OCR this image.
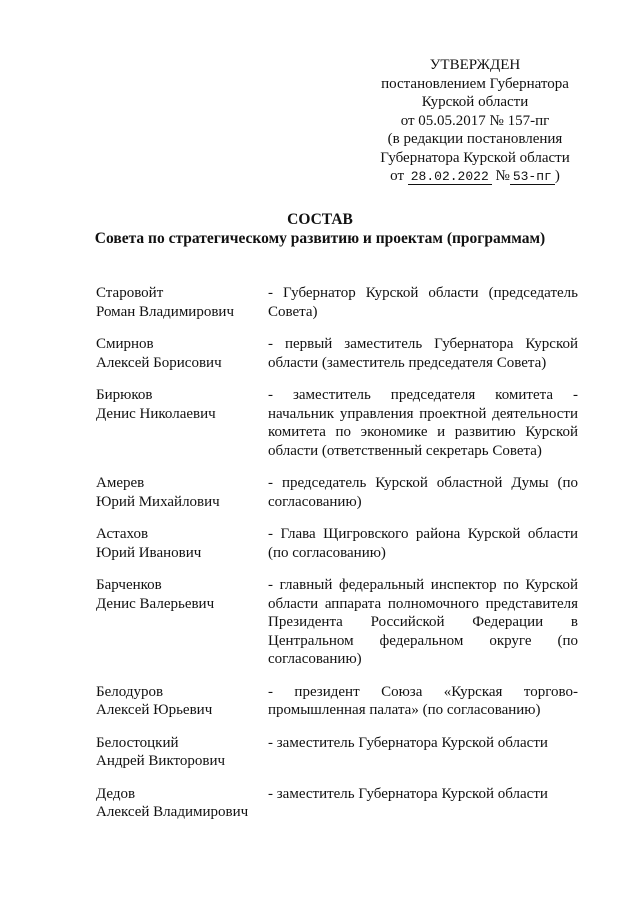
УТВЕРЖДЕН
постановлением Губернатора
Курской области
от 05.05.2017 № 157-пг
(в редакции постановления
Губернатора Курской области
от 28.02.2022 № 53-пг )
СОСТАВ
Совета по стратегическому развитию и проектам (программам)
Старовойт
Роман Владимирович
- Губернатор Курской области (председатель Совета)
Смирнов
Алексей Борисович
- первый заместитель Губернатора Курской области (заместитель председателя Совета)
Бирюков
Денис Николаевич
- заместитель председателя комитета - начальник управления проектной деятельности комитета по экономике и развитию Курской области (ответственный секретарь Совета)
Амерев
Юрий Михайлович
- председатель Курской областной Думы (по согласованию)
Астахов
Юрий Иванович
- Глава Щигровского района Курской области (по согласованию)
Барченков
Денис Валерьевич
- главный федеральный инспектор по Курской области аппарата полномочного представителя Президента Российской Федерации в Центральном федеральном округе (по согласованию)
Белодуров
Алексей Юрьевич
- президент Союза «Курская торгово-промышленная палата» (по согласованию)
Белостоцкий
Андрей Викторович
- заместитель Губернатора Курской области
Дедов
Алексей Владимирович
- заместитель Губернатора Курской области
